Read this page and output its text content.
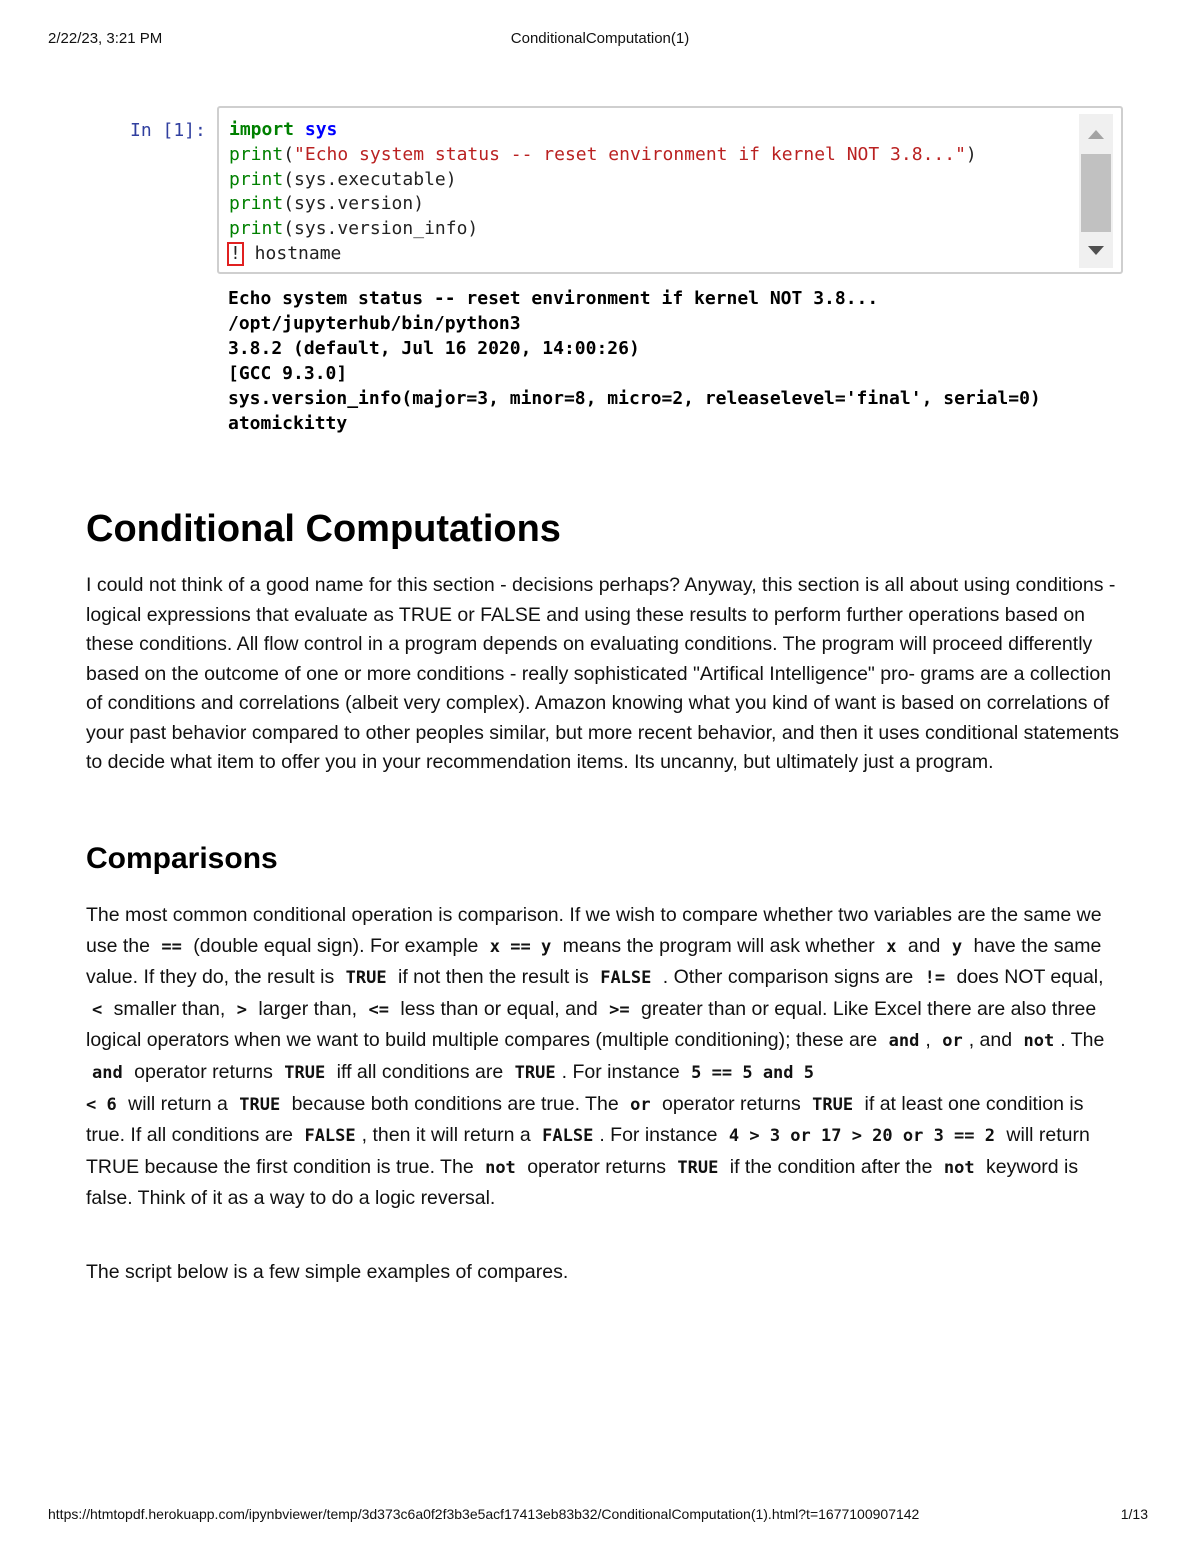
2/22/23, 3:21 PM	ConditionalComputation(1)
In [1]: import sys
print("Echo system status -- reset environment if kernel NOT 3.8...")
print(sys.executable)
print(sys.version)
print(sys.version_info)
! hostname
Echo system status -- reset environment if kernel NOT 3.8...
/opt/jupyterhub/bin/python3
3.8.2 (default, Jul 16 2020, 14:00:26)
[GCC 9.3.0]
sys.version_info(major=3, minor=8, micro=2, releaselevel='final', serial=0)
atomickitty
Conditional Computations
I could not think of a good name for this section - decisions perhaps? Anyway, this section is all about using conditions - logical expressions that evaluate as TRUE or FALSE and using these results to perform further operations based on these conditions. All flow control in a program depends on evaluating conditions. The program will proceed differently based on the outcome of one or more conditions - really sophisticated "Artifical Intelligence" pro- grams are a collection of conditions and correlations (albeit very complex). Amazon knowing what you kind of want is based on correlations of your past behavior compared to other peoples similar, but more recent behavior, and then it uses conditional statements to decide what item to offer you in your recommendation items. Its uncanny, but ultimately just a program.
Comparisons
The most common conditional operation is comparison. If we wish to compare whether two variables are the same we use the == (double equal sign). For example x == y means the program will ask whether x and y have the same value. If they do, the result is TRUE if not then the result is FALSE . Other comparison signs are != does NOT equal, < smaller than, > larger than, <= less than or equal, and >= greater than or equal. Like Excel there are also three logical operators when we want to build multiple compares (multiple conditioning); these are and , or , and not . The and operator returns TRUE iff all conditions are TRUE . For instance 5 == 5 and 5
< 6 will return a TRUE because both conditions are true. The or operator returns TRUE if at least one condition is true. If all conditions are FALSE , then it will return a FALSE . For instance 4 > 3 or 17 > 20 or 3 == 2 will return TRUE because the first condition is true. The not operator returns TRUE if the condition after the not keyword is false. Think of it as a way to do a logic reversal.
The script below is a few simple examples of compares.
https://htmtopdf.herokuapp.com/ipynbviewer/temp/3d373c6a0f2f3b3e5acf17413eb83b32/ConditionalComputation(1).html?t=1677100907142	1/13
